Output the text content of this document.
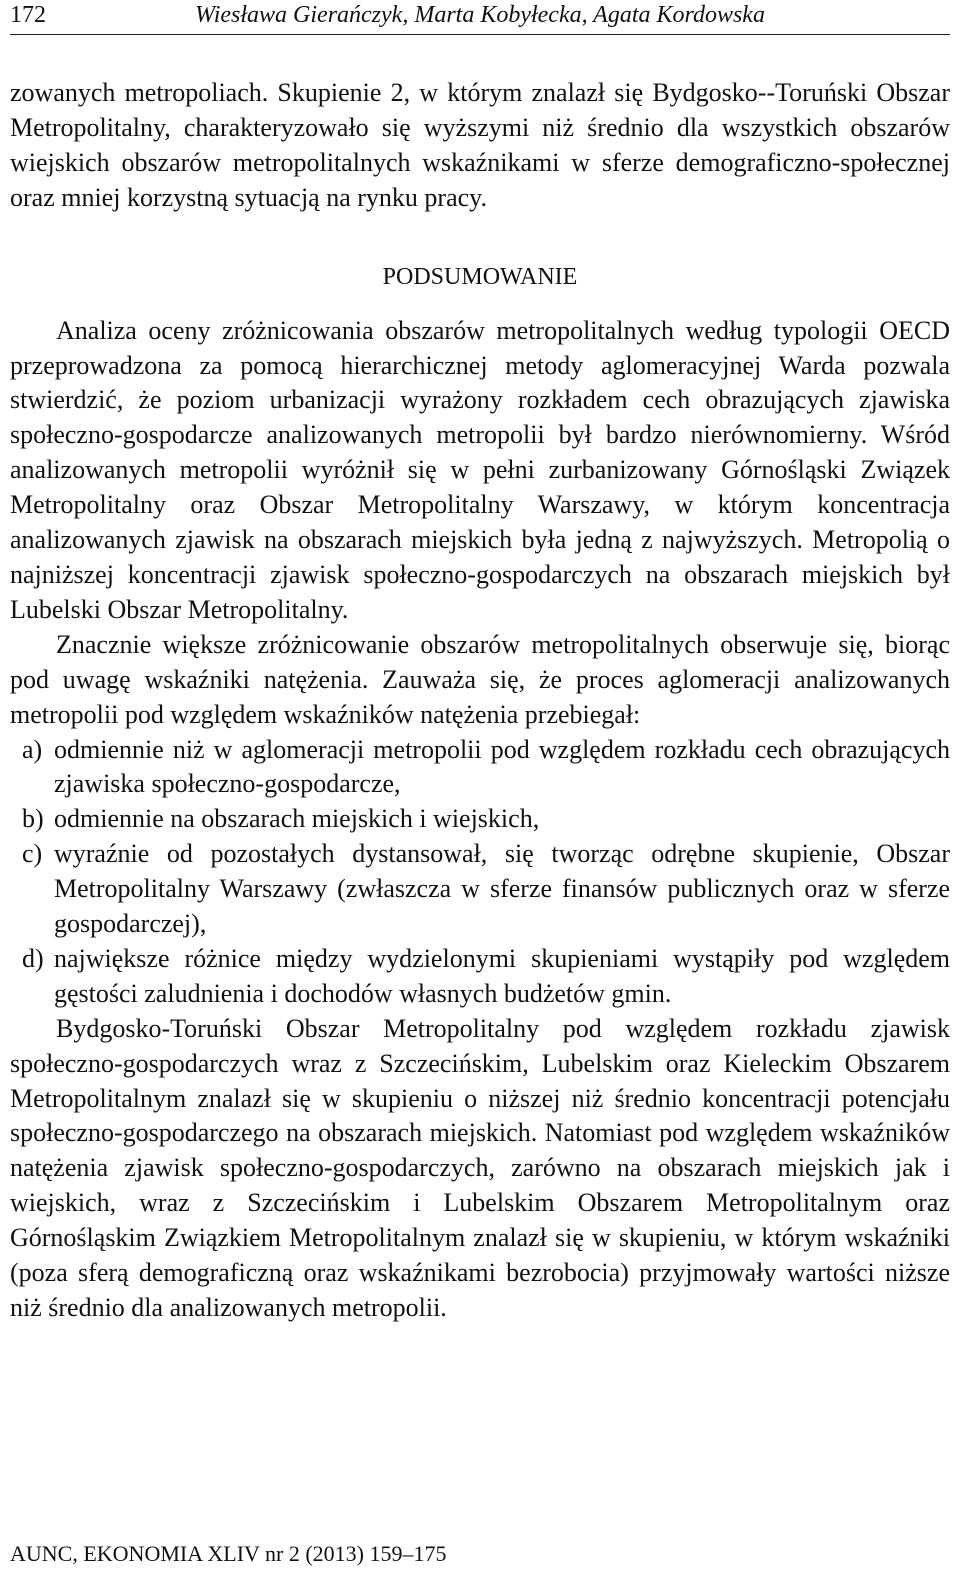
172	Wiesława Gierańczyk, Marta Kobyłecka, Agata Kordowska

zowanych metropoliach. Skupienie 2, w którym znalazł się Bydgosko--Toruński Obszar Metropolitalny, charakteryzowało się wyższymi niż średnio dla wszystkich obszarów wiejskich obszarów metropolitalnych wskaźnikami w sferze demograficzno-społecznej oraz mniej korzystną sytuacją na rynku pracy.

PODSUMOWANIE

Analiza oceny zróżnicowania obszarów metropolitalnych według typologii OECD przeprowadzona za pomocą hierarchicznej metody aglomeracyjnej Warda pozwala stwierdzić, że poziom urbanizacji wyrażony rozkładem cech obrazujących zjawiska społeczno-gospodarcze analizowanych metropolii był bardzo nierównomierny. Wśród analizowanych metropolii wyróżnił się w pełni zurbanizowany Górnośląski Związek Metropolitalny oraz Obszar Metropolitalny Warszawy, w którym koncentracja analizowanych zjawisk na obszarach miejskich była jedną z najwyższych. Metropolią o najniższej koncentracji zjawisk społeczno-gospodarczych na obszarach miejskich był Lubelski Obszar Metropolitalny.

Znacznie większe zróżnicowanie obszarów metropolitalnych obserwuje się, biorąc pod uwagę wskaźniki natężenia. Zauważa się, że proces aglomeracji analizowanych metropolii pod względem wskaźników natężenia przebiegał:

a) odmiennie niż w aglomeracji metropolii pod względem rozkładu cech obrazujących zjawiska społeczno-gospodarcze,
b) odmiennie na obszarach miejskich i wiejskich,
c) wyraźnie od pozostałych dystansował, się tworząc odrębne skupienie, Obszar Metropolitalny Warszawy (zwłaszcza w sferze finansów publicznych oraz w sferze gospodarczej),
d) największe różnice między wydzielonymi skupieniami wystąpiły pod względem gęstości zaludnienia i dochodów własnych budżetów gmin.

Bydgosko-Toruński Obszar Metropolitalny pod względem rozkładu zjawisk społeczno-gospodarczych wraz z Szczecińskim, Lubelskim oraz Kieleckim Obszarem Metropolitalnym znalazł się w skupieniu o niższej niż średnio koncentracji potencjału społeczno-gospodarczego na obszarach miejskich. Natomiast pod względem wskaźników natężenia zjawisk społeczno-gospodarczych, zarówno na obszarach miejskich jak i wiejskich, wraz z Szczecińskim i Lubelskim Obszarem Metropolitalnym oraz Górnośląskim Związkiem Metropolitalnym znalazł się w skupieniu, w którym wskaźniki (poza sferą demograficzną oraz wskaźnikami bezrobocia) przyjmowały wartości niższe niż średnio dla analizowanych metropolii.

AUNC, EKONOMIA XLIV nr 2 (2013) 159–175
